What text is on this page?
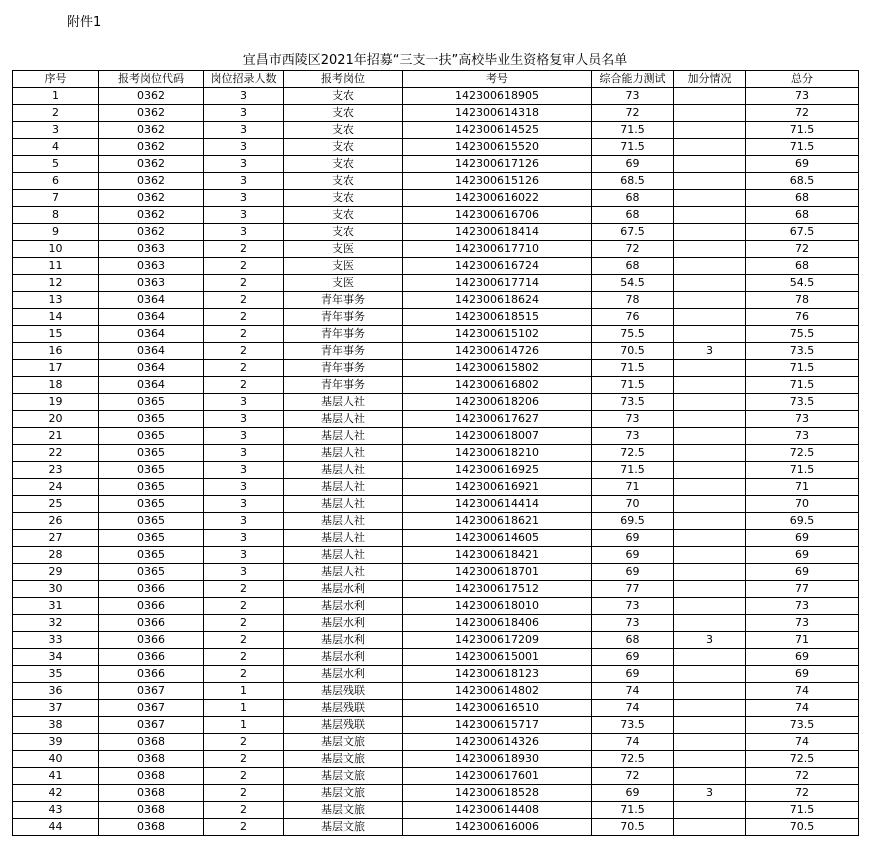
附件1
宜昌市西陵区2021年招募“三支一扶”高校毕业生资格复审人员名单
序号	报考岗位代码	岗位招录人数	报考岗位	考号	综合能力测试	加分情况	总分
1	0362	3	支农	142300618905	73		73
2	0362	3	支农	142300614318	72		72
3	0362	3	支农	142300614525	71.5		71.5
4	0362	3	支农	142300615520	71.5		71.5
5	0362	3	支农	142300617126	69		69
6	0362	3	支农	142300615126	68.5		68.5
7	0362	3	支农	142300616022	68		68
8	0362	3	支农	142300616706	68		68
9	0362	3	支农	142300618414	67.5		67.5
10	0363	2	支医	142300617710	72		72
11	0363	2	支医	142300616724	68		68
12	0363	2	支医	142300617714	54.5		54.5
13	0364	2	青年事务	142300618624	78		78
14	0364	2	青年事务	142300618515	76		76
15	0364	2	青年事务	142300615102	75.5		75.5
16	0364	2	青年事务	142300614726	70.5	3	73.5
17	0364	2	青年事务	142300615802	71.5		71.5
18	0364	2	青年事务	142300616802	71.5		71.5
19	0365	3	基层人社	142300618206	73.5		73.5
20	0365	3	基层人社	142300617627	73		73
21	0365	3	基层人社	142300618007	73		73
22	0365	3	基层人社	142300618210	72.5		72.5
23	0365	3	基层人社	142300616925	71.5		71.5
24	0365	3	基层人社	142300616921	71		71
25	0365	3	基层人社	142300614414	70		70
26	0365	3	基层人社	142300618621	69.5		69.5
27	0365	3	基层人社	142300614605	69		69
28	0365	3	基层人社	142300618421	69		69
29	0365	3	基层人社	142300618701	69		69
30	0366	2	基层水利	142300617512	77		77
31	0366	2	基层水利	142300618010	73		73
32	0366	2	基层水利	142300618406	73		73
33	0366	2	基层水利	142300617209	68	3	71
34	0366	2	基层水利	142300615001	69		69
35	0366	2	基层水利	142300618123	69		69
36	0367	1	基层残联	142300614802	74		74
37	0367	1	基层残联	142300616510	74		74
38	0367	1	基层残联	142300615717	73.5		73.5
39	0368	2	基层文旅	142300614326	74		74
40	0368	2	基层文旅	142300618930	72.5		72.5
41	0368	2	基层文旅	142300617601	72		72
42	0368	2	基层文旅	142300618528	69	3	72
43	0368	2	基层文旅	142300614408	71.5		71.5
44	0368	2	基层文旅	142300616006	70.5		70.5
